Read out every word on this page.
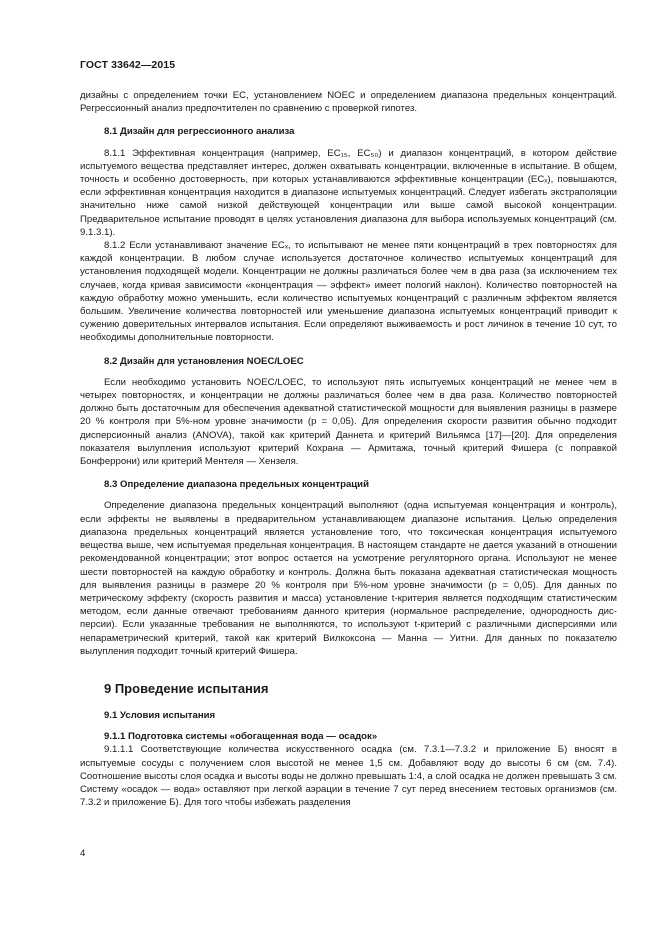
ГОСТ 33642—2015

дизайны с определением точки ЕС, установлением NOEC и определением диапазона предельных концентраций. Регрессионный анализ предпочтителен по сравнению с проверкой гипотез.

8.1 Дизайн для регрессионного анализа

8.1.1 Эффективная концентрация (например, ЕС₁₅, ЕС₅₀) и диапазон концентраций, в котором действие испытуемого вещества представляет интерес, должен охватывать концентрации, включенные в испытание. В общем, точность и особенно достоверность, при которых устанавливаются эффективные концентрации (ЕСₓ), повышаются, если эффективная концентрация находится в диапазоне испытуемых концентраций. Следует избегать экстраполяции значительно ниже самой низкой действующей концентрации или выше самой высокой концентрации. Предварительное испытание проводят в целях установления диапазона для выбора используемых концентраций (см. 9.1.3.1).

8.1.2 Если устанавливают значение ЕСₓ, то испытывают не менее пяти концентраций в трех повторностях для каждой концентрации. В любом случае используется достаточное количество испытуемых концентраций для установления подходящей модели. Концентрации не должны различаться более чем в два раза (за исключением тех случаев, когда кривая зависимости «концентрация — эффект» имеет пологий наклон). Количество повторностей на каждую обработку можно уменьшить, если количество испытуемых концентраций с различным эффектом является большим. Увеличение количества повторностей или уменьшение диапазона испытуемых концентраций приводит к сужению доверительных интервалов испытания. Если определяют выживаемость и рост личинок в течение 10 сут, то необходимы дополнительные повторности.

8.2 Дизайн для установления NOEC/LOEC

Если необходимо установить NOEC/LOEC, то используют пять испытуемых концентраций не менее чем в четырех повторностях, и концентрации не должны различаться более чем в два раза. Количество повторностей должно быть достаточным для обеспечения адекватной статистической мощности для выявления разницы в размере 20 % контроля при 5%-ном уровне значимости (р = 0,05). Для определения скорости развития обычно подходит дисперсионный анализ (ANOVA), такой как критерий Даннета и критерий Вильямса [17]—[20]. Для определения показателя вылупления используют критерий Кохрана — Армитажа, точный критерий Фишера (с поправкой Бонферрони) или критерий Ментеля — Хензеля.

8.3 Определение диапазона предельных концентраций

Определение диапазона предельных концентраций выполняют (одна испытуемая концентрация и контроль), если эффекты не выявлены в предварительном устанавливающем диапазоне испытания. Целью определения диапазона предельных концентраций является установление того, что токсическая концентрация испытуемого вещества выше, чем испытуемая предельная концентрация. В настоящем стандарте не дается указаний в отношении рекомендованной концентрации; этот вопрос остается на усмотрение регуляторного органа. Используют не менее шести повторностей на каждую обработку и контроль. Должна быть показана адекватная статистическая мощность для выявления разницы в размере 20 % контроля при 5%-ном уровне значимости (р = 0,05). Для данных по метрическому эффекту (скорость развития и масса) установление t-критерия является подходящим статистическим методом, если данные отвечают требованиям данного критерия (нормальное распределение, однородность дисперсии). Если указанные требования не выполняются, то используют t-критерий с различными дисперсиями или непараметрический критерий, такой как критерий Вилкоксона — Манна — Уитни. Для данных по показателю вылупления подходит точный критерий Фишера.

9 Проведение испытания

9.1 Условия испытания

9.1.1 Подготовка системы «обогащенная вода — осадок»

9.1.1.1 Соответствующие количества искусственного осадка (см. 7.3.1—7.3.2 и приложение Б) вносят в испытуемые сосуды с получением слоя высотой не менее 1,5 см. Добавляют воду до высоты 6 см (см. 7.4). Соотношение высоты слоя осадка и высоты воды не должно превышать 1:4, а слой осадка не должен превышать 3 см. Систему «осадок — вода» оставляют при легкой аэрации в течение 7 сут перед внесением тестовых организмов (см. 7.3.2 и приложение Б). Для того чтобы избежать разделения

4
